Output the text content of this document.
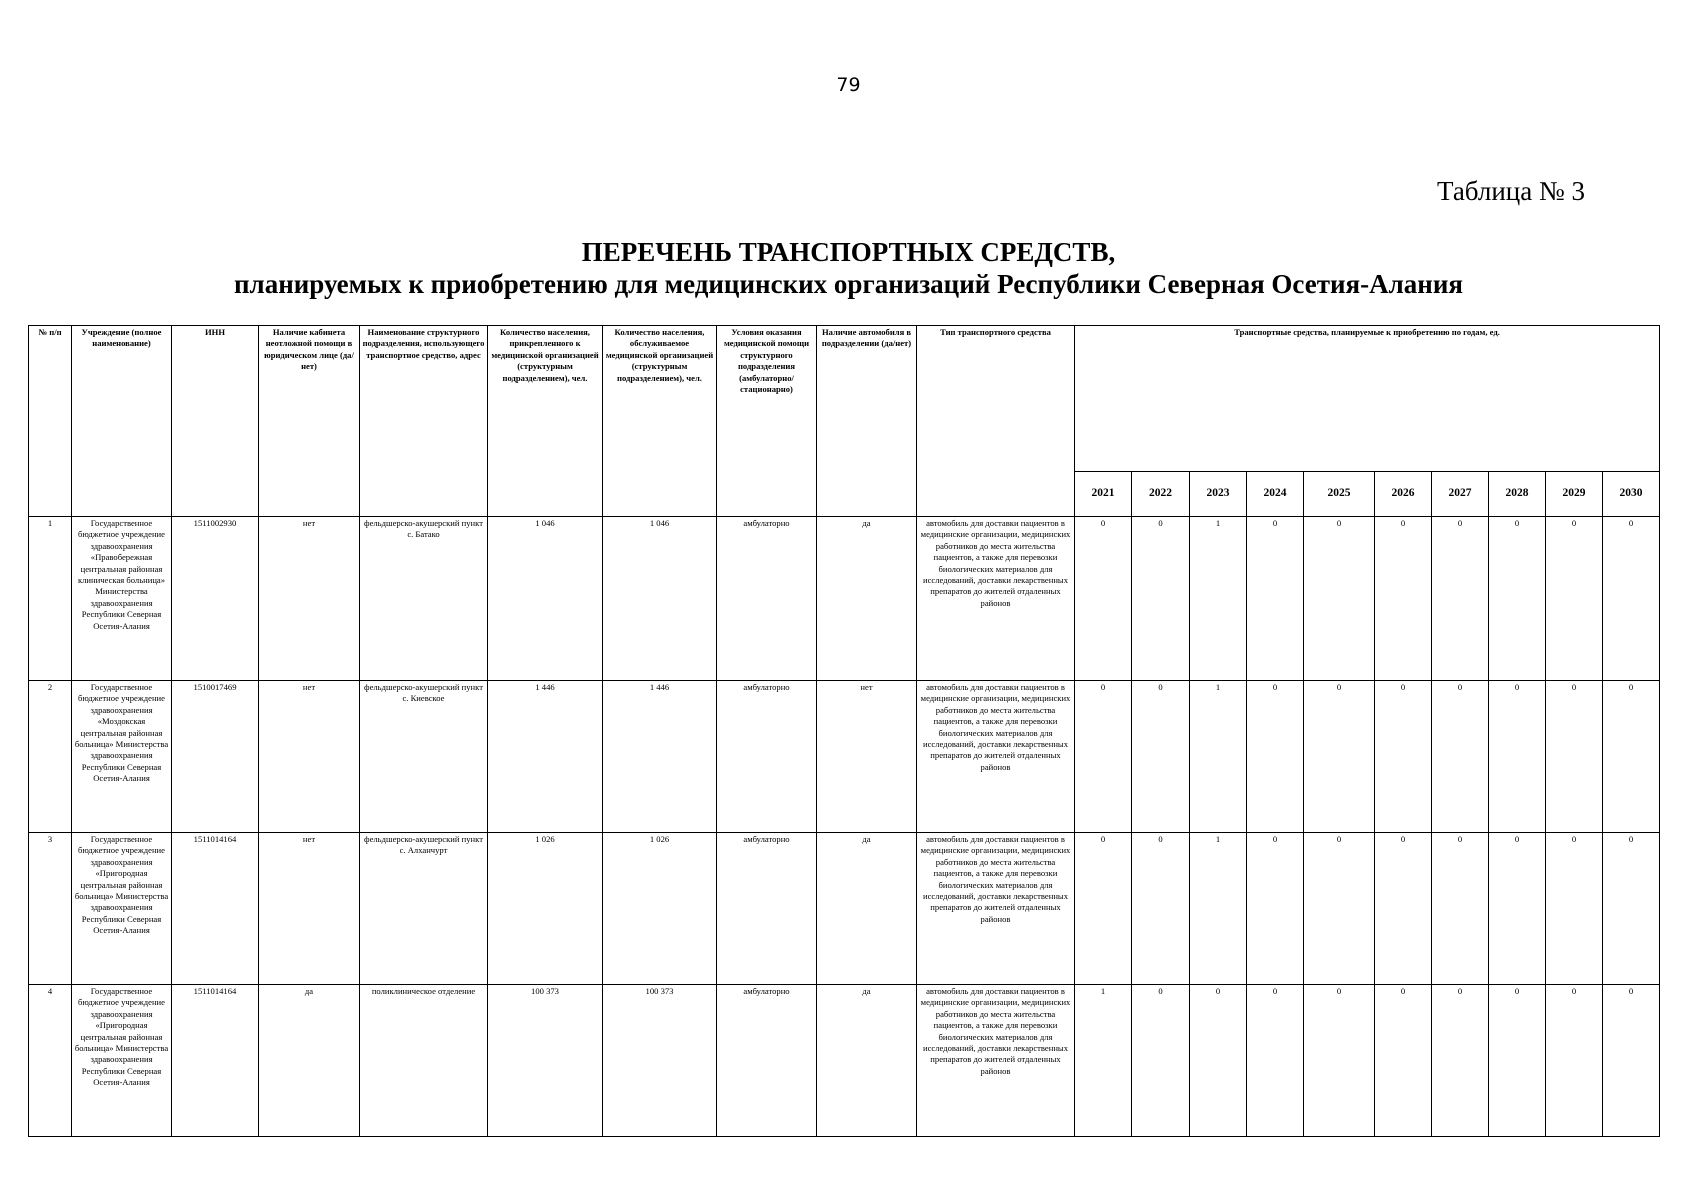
79
Таблица № 3
ПЕРЕЧЕНЬ ТРАНСПОРТНЫХ СРЕДСТВ,
планируемых к приобретению для медицинских организаций Республики Северная Осетия-Алания
№ п/п	Учреждение (полное наименование)	ИНН	Наличие кабинета неотложной помощи в юридическом лице (да/нет)	Наименование структурного подразделения, использующего транспортное средство, адрес	Количество населения, прикрепленного к медицинской организацией (структурным подразделением), чел.	Количество населения, обслуживаемое медицинской организацией (структурным подразделением), чел.	Условия оказания медицинской помощи структурного подразделения (амбулаторно/стационарно)	Наличие автомобиля в подразделении (да/нет)	Тип транспортного средства	Транспортные средства, планируемые к приобретению по годам, ед.									
										2021	2022	2023	2024	2025	2026	2027	2028	2029	2030
1	Государственное бюджетное учреждение здравоохранения «Правобережная центральная районная клиническая больница» Министерства здравоохранения Республики Северная Осетия-Алания	1511002930	нет	фельдшерско-акушерский пункт с. Батако	1 046	1 046	амбулаторно	да	автомобиль для доставки пациентов в медицинские организации, медицинских работников до места жительства пациентов, а также для перевозки биологических материалов для исследований, доставки лекарственных препаратов до жителей отдаленных районов	0	0	1	0	0	0	0	0	0	0
2	Государственное бюджетное учреждение здравоохранения «Моздокская центральная районная больница» Министерства здравоохранения Республики Северная Осетия-Алания	1510017469	нет	фельдшерско-акушерский пункт с. Киевское	1 446	1 446	амбулаторно	нет	автомобиль для доставки пациентов в медицинские организации, медицинских работников до места жительства пациентов, а также для перевозки биологических материалов для исследований, доставки лекарственных препаратов до жителей отдаленных районов	0	0	1	0	0	0	0	0	0	0
3	Государственное бюджетное учреждение здравоохранения «Пригородная центральная районная больница» Министерства здравоохранения Республики Северная Осетия-Алания	1511014164	нет	фельдшерско-акушерский пункт с. Алханчурт	1 026	1 026	амбулаторно	да	автомобиль для доставки пациентов в медицинские организации, медицинских работников до места жительства пациентов, а также для перевозки биологических материалов для исследований, доставки лекарственных препаратов до жителей отдаленных районов	0	0	1	0	0	0	0	0	0	0
4	Государственное бюджетное учреждение здравоохранения «Пригородная центральная районная больница» Министерства здравоохранения Республики Северная Осетия-Алания	1511014164	да	поликлиническое отделение	100 373	100 373	амбулаторно	да	автомобиль для доставки пациентов в медицинские организации, медицинских работников до места жительства пациентов, а также для перевозки биологических материалов для исследований, доставки лекарственных препаратов до жителей отдаленных районов	1	0	0	0	0	0	0	0	0	0
